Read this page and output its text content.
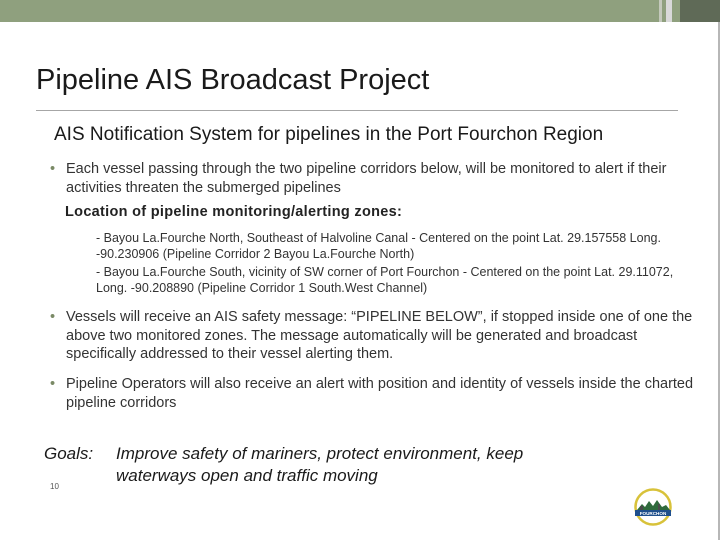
Pipeline AIS Broadcast Project
AIS Notification System for pipelines in the Port Fourchon Region
• Each vessel passing through the two pipeline corridors below, will be monitored to alert if their activities threaten the submerged pipelines
Location of pipeline monitoring/alerting zones:
- Bayou La.Fourche North, Southeast of Halvoline Canal - Centered on the point Lat. 29.157558 Long. -90.230906 (Pipeline Corridor 2 Bayou La.Fourche North)
- Bayou La.Fourche South, vicinity of SW corner of Port Fourchon - Centered on the point Lat. 29.11072, Long. -90.208890 (Pipeline Corridor 1 South.West Channel)
• Vessels will receive an AIS safety message: “PIPELINE BELOW”, if stopped inside one of one the above two monitored zones. The message automatically will be generated and broadcast specifically addressed to their vessel alerting them.
• Pipeline Operators will also receive an alert with position and identity of vessels inside the charted pipeline corridors
Goals: Improve safety of mariners, protect environment, keep waterways open and traffic moving
10
FOURCHON
